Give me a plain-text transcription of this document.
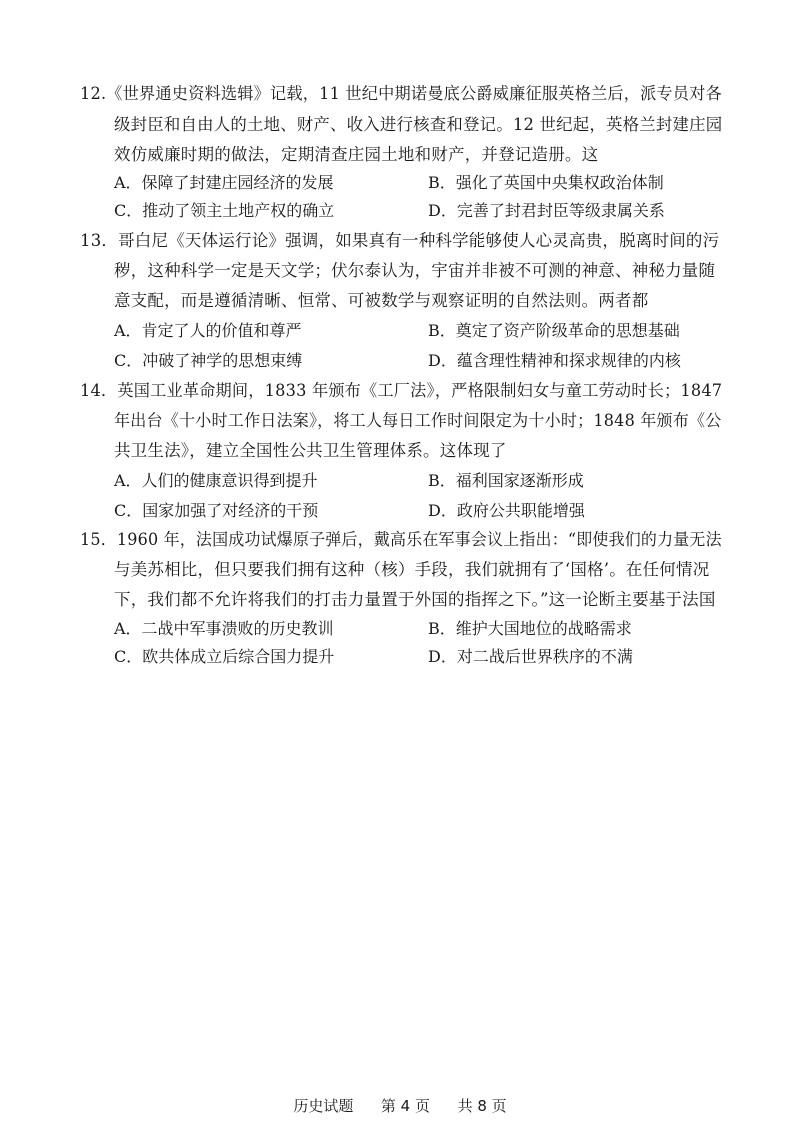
12.《世界通史资料选辑》记载，11 世纪中期诺曼底公爵威廉征服英格兰后，派专员对各
级封臣和自由人的土地、财产、收入进行核查和登记。12 世纪起，英格兰封建庄园
效仿威廉时期的做法，定期清查庄园土地和财产，并登记造册。这
A．保障了封建庄园经济的发展	B．强化了英国中央集权政治体制
C．推动了领主土地产权的确立	D．完善了封君封臣等级隶属关系
13．哥白尼《天体运行论》强调，如果真有一种科学能够使人心灵高贵，脱离时间的污
秽，这种科学一定是天文学；伏尔泰认为，宇宙并非被不可测的神意、神秘力量随
意支配，而是遵循清晰、恒常、可被数学与观察证明的自然法则。两者都
A．肯定了人的价值和尊严	B．奠定了资产阶级革命的思想基础
C．冲破了神学的思想束缚	D．蕴含理性精神和探求规律的内核
14．英国工业革命期间，1833 年颁布《工厂法》，严格限制妇女与童工劳动时长；1847
年出台《十小时工作日法案》，将工人每日工作时间限定为十小时；1848 年颁布《公
共卫生法》，建立全国性公共卫生管理体系。这体现了
A．人们的健康意识得到提升	B．福利国家逐渐形成
C．国家加强了对经济的干预	D．政府公共职能增强
15．1960 年，法国成功试爆原子弹后，戴高乐在军事会议上指出：“即使我们的力量无法
与美苏相比，但只要我们拥有这种（核）手段，我们就拥有了‘国格’。在任何情况
下，我们都不允许将我们的打击力量置于外国的指挥之下。”这一论断主要基于法国
A．二战中军事溃败的历史教训	B．维护大国地位的战略需求
C．欧共体成立后综合国力提升	D．对二战后世界秩序的不满
历史试题 第 4 页 共 8 页
